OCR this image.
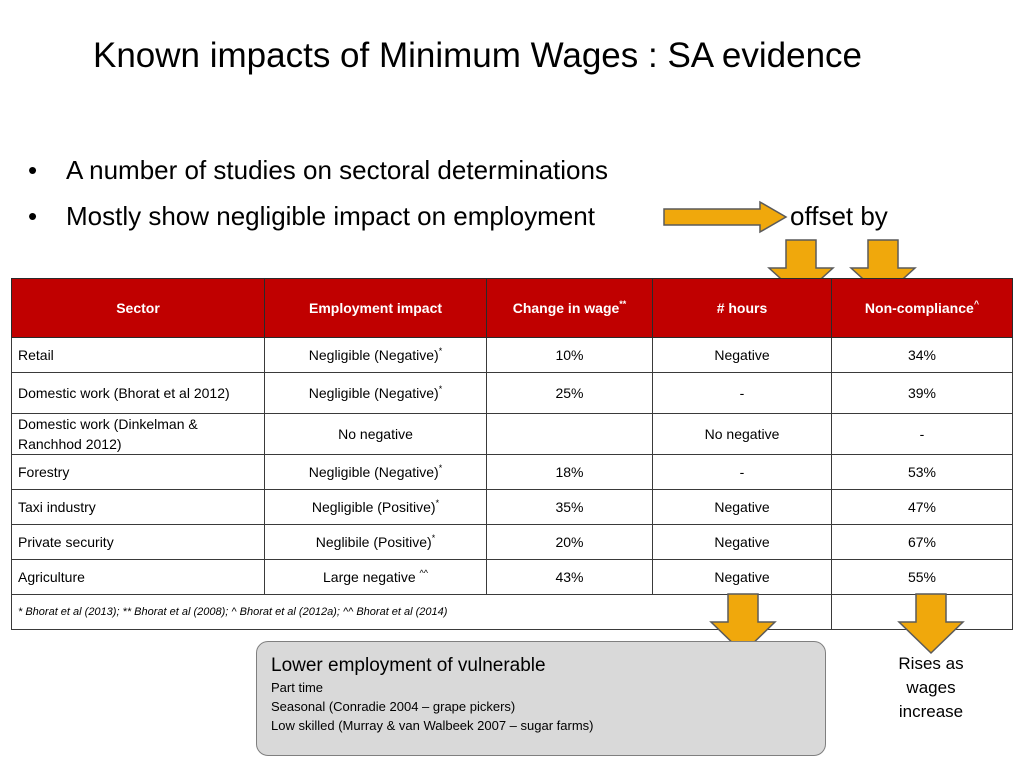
Known impacts of Minimum Wages : SA evidence
• A number of studies on sectoral determinations
• Mostly show negligible impact on employment	offset by
Sector	Employment impact	Change in wage**	# hours	Non-compliance^
Retail	Negligible (Negative)*	10%	Negative	34%
Domestic work (Bhorat et al 2012)	Negligible (Negative)*	25%	-	39%
Domestic work (Dinkelman & Ranchhod 2012)	No negative		No negative	-
Forestry	Negligible (Negative)*	18%	-	53%
Taxi industry	Negligible (Positive)*	35%	Negative	47%
Private security	Neglibile (Positive)*	20%	Negative	67%
Agriculture	Large negative ^^	43%	Negative	55%
* Bhorat et al (2013); ** Bhorat et al (2008); ^ Bhorat et al (2012a); ^^ Bhorat et al (2014)				
Lower employment of vulnerable
Part time
Seasonal (Conradie 2004 – grape pickers)
Low skilled (Murray & van Walbeek 2007 – sugar farms)
Rises as
wages
increase
